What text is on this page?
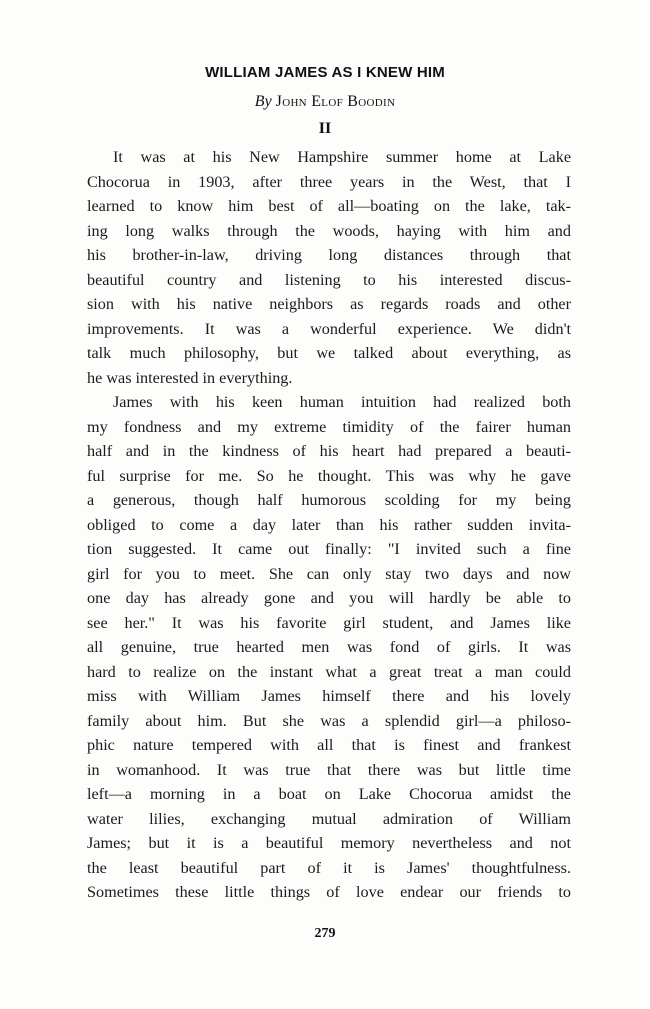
WILLIAM JAMES AS I KNEW HIM
By John Elof Boodin
II
It was at his New Hampshire summer home at Lake
Chocorua in 1903, after three years in the West, that I
learned to know him best of all—boating on the lake, tak-
ing long walks through the woods, haying with him and
his brother-in-law, driving long distances through that
beautiful country and listening to his interested discus-
sion with his native neighbors as regards roads and other
improvements. It was a wonderful experience. We didn't
talk much philosophy, but we talked about everything, as
he was interested in everything.
James with his keen human intuition had realized both
my fondness and my extreme timidity of the fairer human
half and in the kindness of his heart had prepared a beauti-
ful surprise for me. So he thought. This was why he gave
a generous, though half humorous scolding for my being
obliged to come a day later than his rather sudden invita-
tion suggested. It came out finally: "I invited such a fine
girl for you to meet. She can only stay two days and now
one day has already gone and you will hardly be able to
see her." It was his favorite girl student, and James like
all genuine, true hearted men was fond of girls. It was
hard to realize on the instant what a great treat a man could
miss with William James himself there and his lovely
family about him. But she was a splendid girl—a philoso-
phic nature tempered with all that is finest and frankest
in womanhood. It was true that there was but little time
left—a morning in a boat on Lake Chocorua amidst the
water lilies, exchanging mutual admiration of William
James; but it is a beautiful memory nevertheless and not
the least beautiful part of it is James' thoughtfulness.
Sometimes these little things of love endear our friends to
279
